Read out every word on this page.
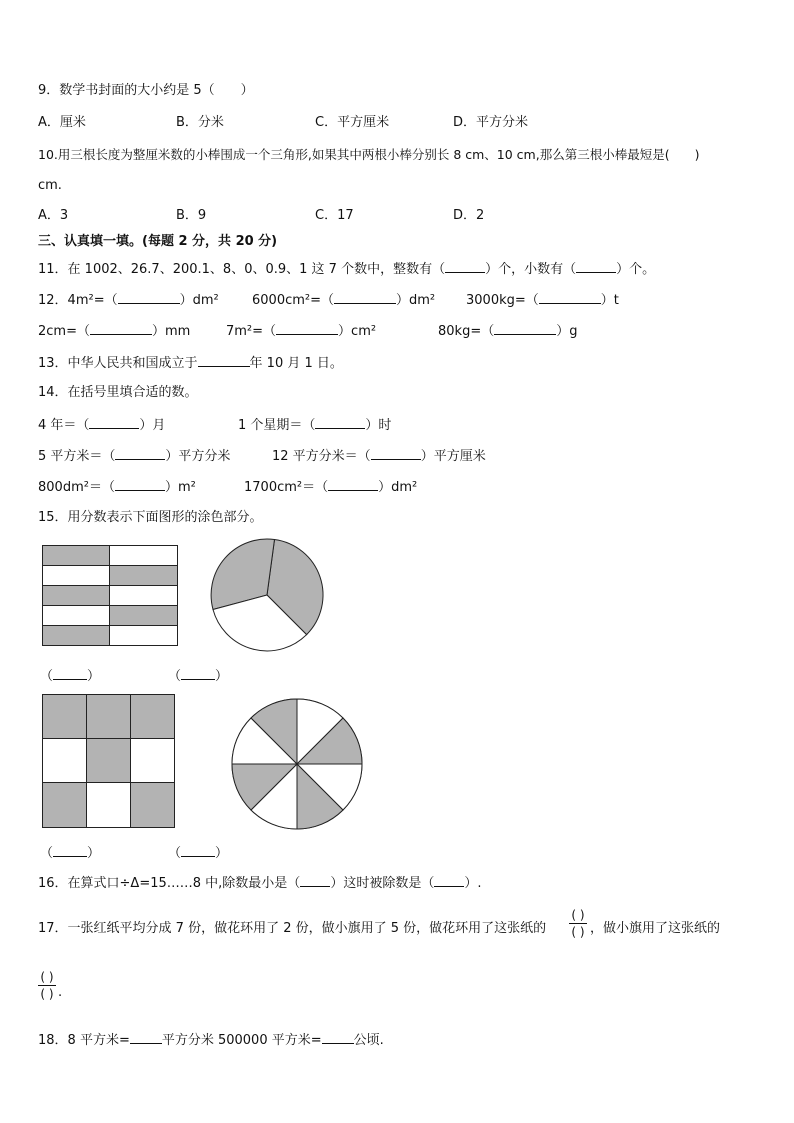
9．数学书封面的大小约是 5（　　）
A．厘米	B．分米	C．平方厘米	D．平方分米
10.用三根长度为整厘米数的小棒围成一个三角形,如果其中两根小棒分别长 8 cm、10 cm,那么第三根小棒最短是(　　)
cm.
A．3	B．9	C．17	D．2
三、认真填一填。(每题 2 分，共 20 分)
11．在 1002、26.7、200.1、8、0、0.9、1 这 7 个数中，整数有（	）个，小数有（	）个。
12．4m²=（	）dm²	6000cm²=（	）dm² 3000kg=（	）t
2cm=（	）mm	7m²=（	）cm²	80kg=（	）g
13．中华人民共和国成立于	年 10 月 1 日。
14．在括号里填合适的数。
4 年＝（	）月	1 个星期＝（	）时
5 平方米＝（	）平方分米	12 平方分米＝（	）平方厘米
800dm²＝（	）m²	1700cm²＝（	）dm²
15．用分数表示下面图形的涂色部分。
（	）	（	）
（	）	（	）
16．在算式口÷Δ=15……8 中,除数最小是（ ）这时被除数是（ ）.
17．一张红纸平均分成 7 份，做花环用了 2 份，做小旗用了 5 份，做花环用了这张纸的
( )
( ) ，做小旗用了这张纸的
( )
( ) .
18．8 平方米= 平方分米 500000 平方米= 公顷.
